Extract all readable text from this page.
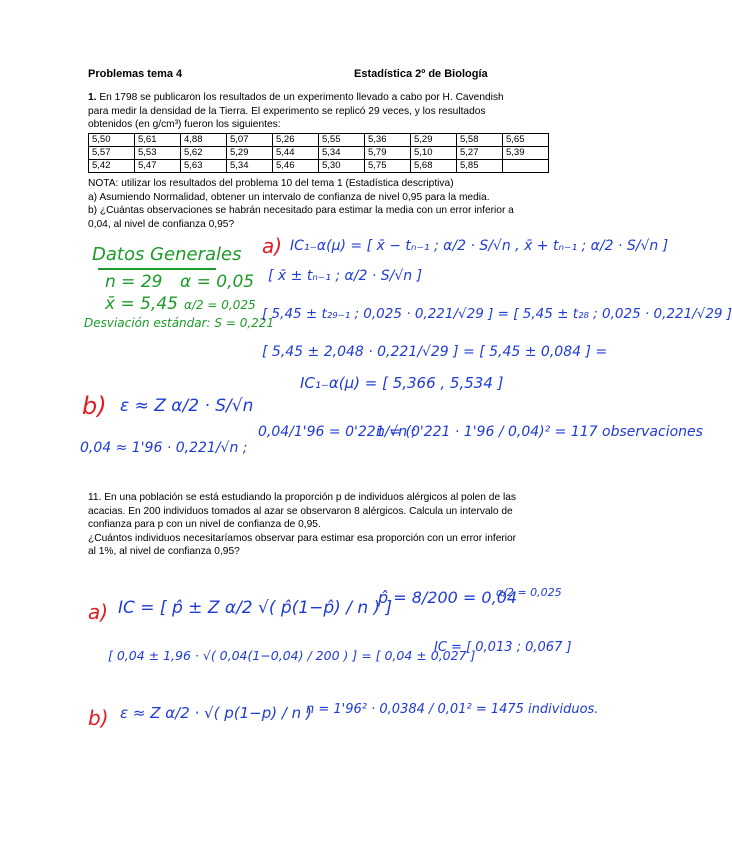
Problemas tema 4	Estadística 2º de Biología
1. En 1798 se publicaron los resultados de un experimento llevado a cabo por H. Cavendish
para medir la densidad de la Tierra. El experimento se replicó 29 veces, y los resultados
obtenidos (en g/cm³) fueron los siguientes:
5,50	5,61	4,88	5,07	5,26	5,55	5,36	5,29	5,58	5,65
5,57	5,53	5,62	5,29	5,44	5,34	5,79	5,10	5,27	5,39
5,42	5,47	5,63	5,34	5,46	5,30	5,75	5,68	5,85	
NOTA: utilizar los resultados del problema 10 del tema 1 (Estadística descriptiva)
a) Asumiendo Normalidad, obtener un intervalo de confianza de nivel 0,95 para la media.
b) ¿Cuántas observaciones se habrán necesitado para estimar la media con un error inferior a
0,04, al nivel de confianza 0,95?
Datos Generales
n = 29 α = 0,05
x̄ = 5,45 α/2 = 0,025
Desviación estándar: S = 0,221
a) IC₁₋α(μ) = [ x̄ − tₙ₋₁ ; α/2 · S/√n , x̄ + tₙ₋₁ ; α/2 · S/√n ]
[ x̄ ± tₙ₋₁ ; α/2 · S/√n ]
[ 5,45 ± t₂₉₋₁ ; 0,025 · 0,221/√29 ] = [ 5,45 ± t₂₈ ; 0,025 · 0,221/√29 ]
[ 5,45 ± 2,048 · 0,221/√29 ] = [ 5,45 ± 0,084 ] =
IC₁₋α(μ) = [ 5,366 , 5,534 ]
b) ε ≈ Z α/2 · S/√n
0,04 ≈ 1'96 · 0,221/√n ;
0,04/1'96 = 0'221/√n ;
n = (0'221 · 1'96 / 0,04)² = 117 observaciones
11. En una población se está estudiando la proporción p de individuos alérgicos al polen de las
acacias. En 200 individuos tomados al azar se observaron 8 alérgicos. Calcula un intervalo de
confianza para p con un nivel de confianza de 0,95.
¿Cuántos individuos necesitaríamos observar para estimar esa proporción con un error inferior
al 1%, al nivel de confianza 0,95?
a) IC = [ p̂ ± Z α/2 √( p̂(1−p̂) / n ) ]
p̂ = 8/200 = 0,04
α/2 = 0,025
[ 0,04 ± 1,96 · √( 0,04(1−0,04) / 200 ) ] = [ 0,04 ± 0,027 ]
IC = [ 0,013 ; 0,067 ]
b) ε ≈ Z α/2 · √( p(1−p) / n )
n = 1'96² · 0,0384 / 0,01² = 1475 individuos.
